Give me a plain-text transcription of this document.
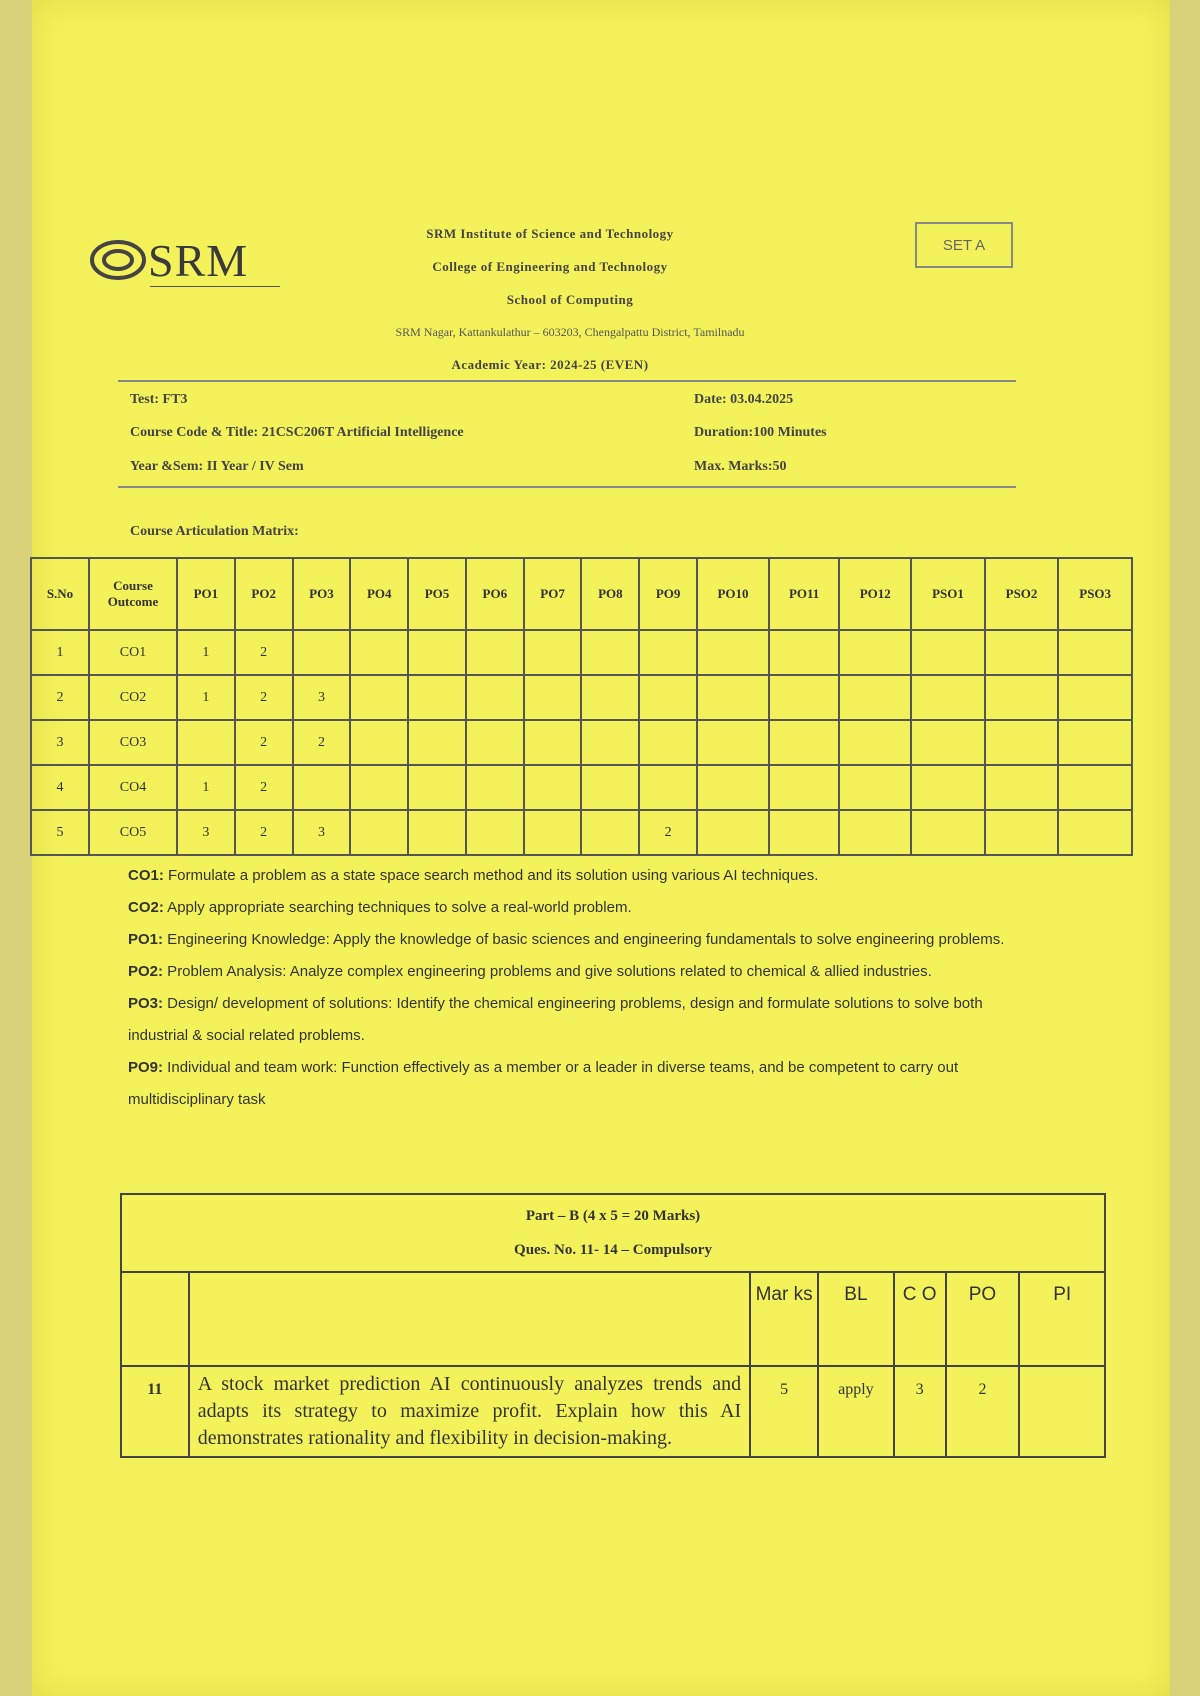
SRM
SRM Institute of Science and Technology
College of Engineering and Technology
School of Computing
SRM Nagar, Kattankulathur – 603203, Chengalpattu District, Tamilnadu
Academic Year: 2024-25 (EVEN)
SET A
Test: FT3
Course Code & Title: 21CSC206T Artificial Intelligence
Year &Sem: II Year / IV Sem
Date: 03.04.2025
Duration:100 Minutes
Max. Marks:50
Course Articulation Matrix:
S.No	Course Outcome	PO1	PO2	PO3	PO4	PO5	PO6	PO7	PO8	PO9	PO10	PO11	PO12	PSO1	PSO2	PSO3
1	CO1	1	2													
2	CO2	1	2	3												
3	CO3		2	2												
4	CO4	1	2													
5	CO5	3	2	3						2						

CO1: Formulate a problem as a state space search method and its solution using various AI techniques.

CO2: Apply appropriate searching techniques to solve a real-world problem.

PO1: Engineering Knowledge: Apply the knowledge of basic sciences and engineering fundamentals to solve engineering problems.

PO2: Problem Analysis: Analyze complex engineering problems and give solutions related to chemical & allied industries.

PO3: Design/ development of solutions: Identify the chemical engineering problems, design and formulate solutions to solve both industrial & social related problems.

PO9: Individual and team work: Function effectively as a member or a leader in diverse teams, and be competent to carry out multidisciplinary task

Part – B (4 x 5 = 20 Marks)
Ques. No. 11- 14 – Compulsory						

		Mar ks	BL	C O	PO	PI
11	A stock market prediction AI continuously analyzes trends and adapts its strategy to maximize profit. Explain how this AI demonstrates rationality and flexibility in decision-making.	5	apply	3	2	
